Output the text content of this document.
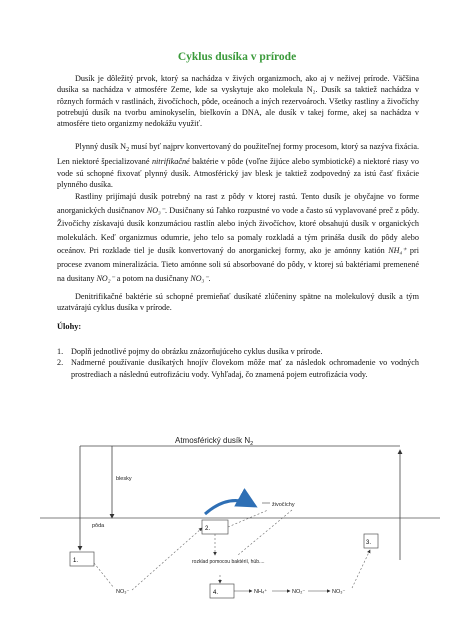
Cyklus dusíka v prírode

Dusík je dôležitý prvok, ktorý sa nachádza v živých organizmoch, ako aj v neživej prírode. Väčšina dusíka sa nachádza v atmosfére Zeme, kde sa vyskytuje ako molekula N₂. Dusík sa taktiež nachádza v rôznych formách v rastlinách, živočíchoch, pôde, oceánoch a iných rezervoároch. Všetky rastliny a živočíchy potrebujú dusík na tvorbu aminokyselín, bielkovín a DNA, ale dusík v takej forme, akej sa nachádza v atmosfére tieto organizmy nedokážu využiť.

Plynný dusík $N_2$ musí byť najprv konvertovaný do použiteľnej formy procesom, ktorý sa nazýva fixácia. Len niektoré špecializované nitrifikačné baktérie v pôde (voľne žijúce alebo symbiotické) a niektoré riasy vo vode sú schopné fixovať plynný dusík. Atmosférický jav blesk je taktiež zodpovedný za istú časť fixácie plynného dusíka.

Rastliny prijímajú dusík potrebný na rast z pôdy v ktorej rastú. Tento dusík je obyčajne vo forme anorganických dusičnanov NO₃⁻. Dusičnany sú ľahko rozpustné vo vode a často sú vyplavované preč z pôdy. Živočíchy získavajú dusík konzumáciou rastlín alebo iných živočíchov, ktoré obsahujú dusík v organických molekulách. Keď organizmus odumrie, jeho telo sa pomaly rozkladá a tým prináša dusík do pôdy alebo oceánov. Pri rozklade tiel je dusík konvertovaný do anorganickej formy, ako je amónny katión NH₄⁺ pri procese zvanom mineralizácia. Tieto amónne soli sú absorbované do pôdy, v ktorej sú baktériami premenené na dusitany NO₂⁻ a potom na dusičnany NO₃⁻.

Denitrifikačné baktérie sú schopné premieňať dusíkaté zlúčeniny spätne na molekulový dusík a tým uzatvárajú cyklus dusíka v prírode.

Úlohy:
1. Doplň jednotlivé pojmy do obrázku znázorňujúceho cyklus dusíka v prírode.
2. Nadmerné používanie dusíkatých hnojív človekom môže mať za následok ochromadenie vo vodných prostrediach a následnú eutrofizáciu vody. Vyhľadaj, čo znamená pojem eutrofizácia vody.
Atmosférický dusík $N_2$
blesky
pôda
1.
2.
3.
4.
živočíchy
NO₃⁻
rozklad pomocou baktérií, húb....
NH₄⁺	NO₂⁻	NO₃⁻
